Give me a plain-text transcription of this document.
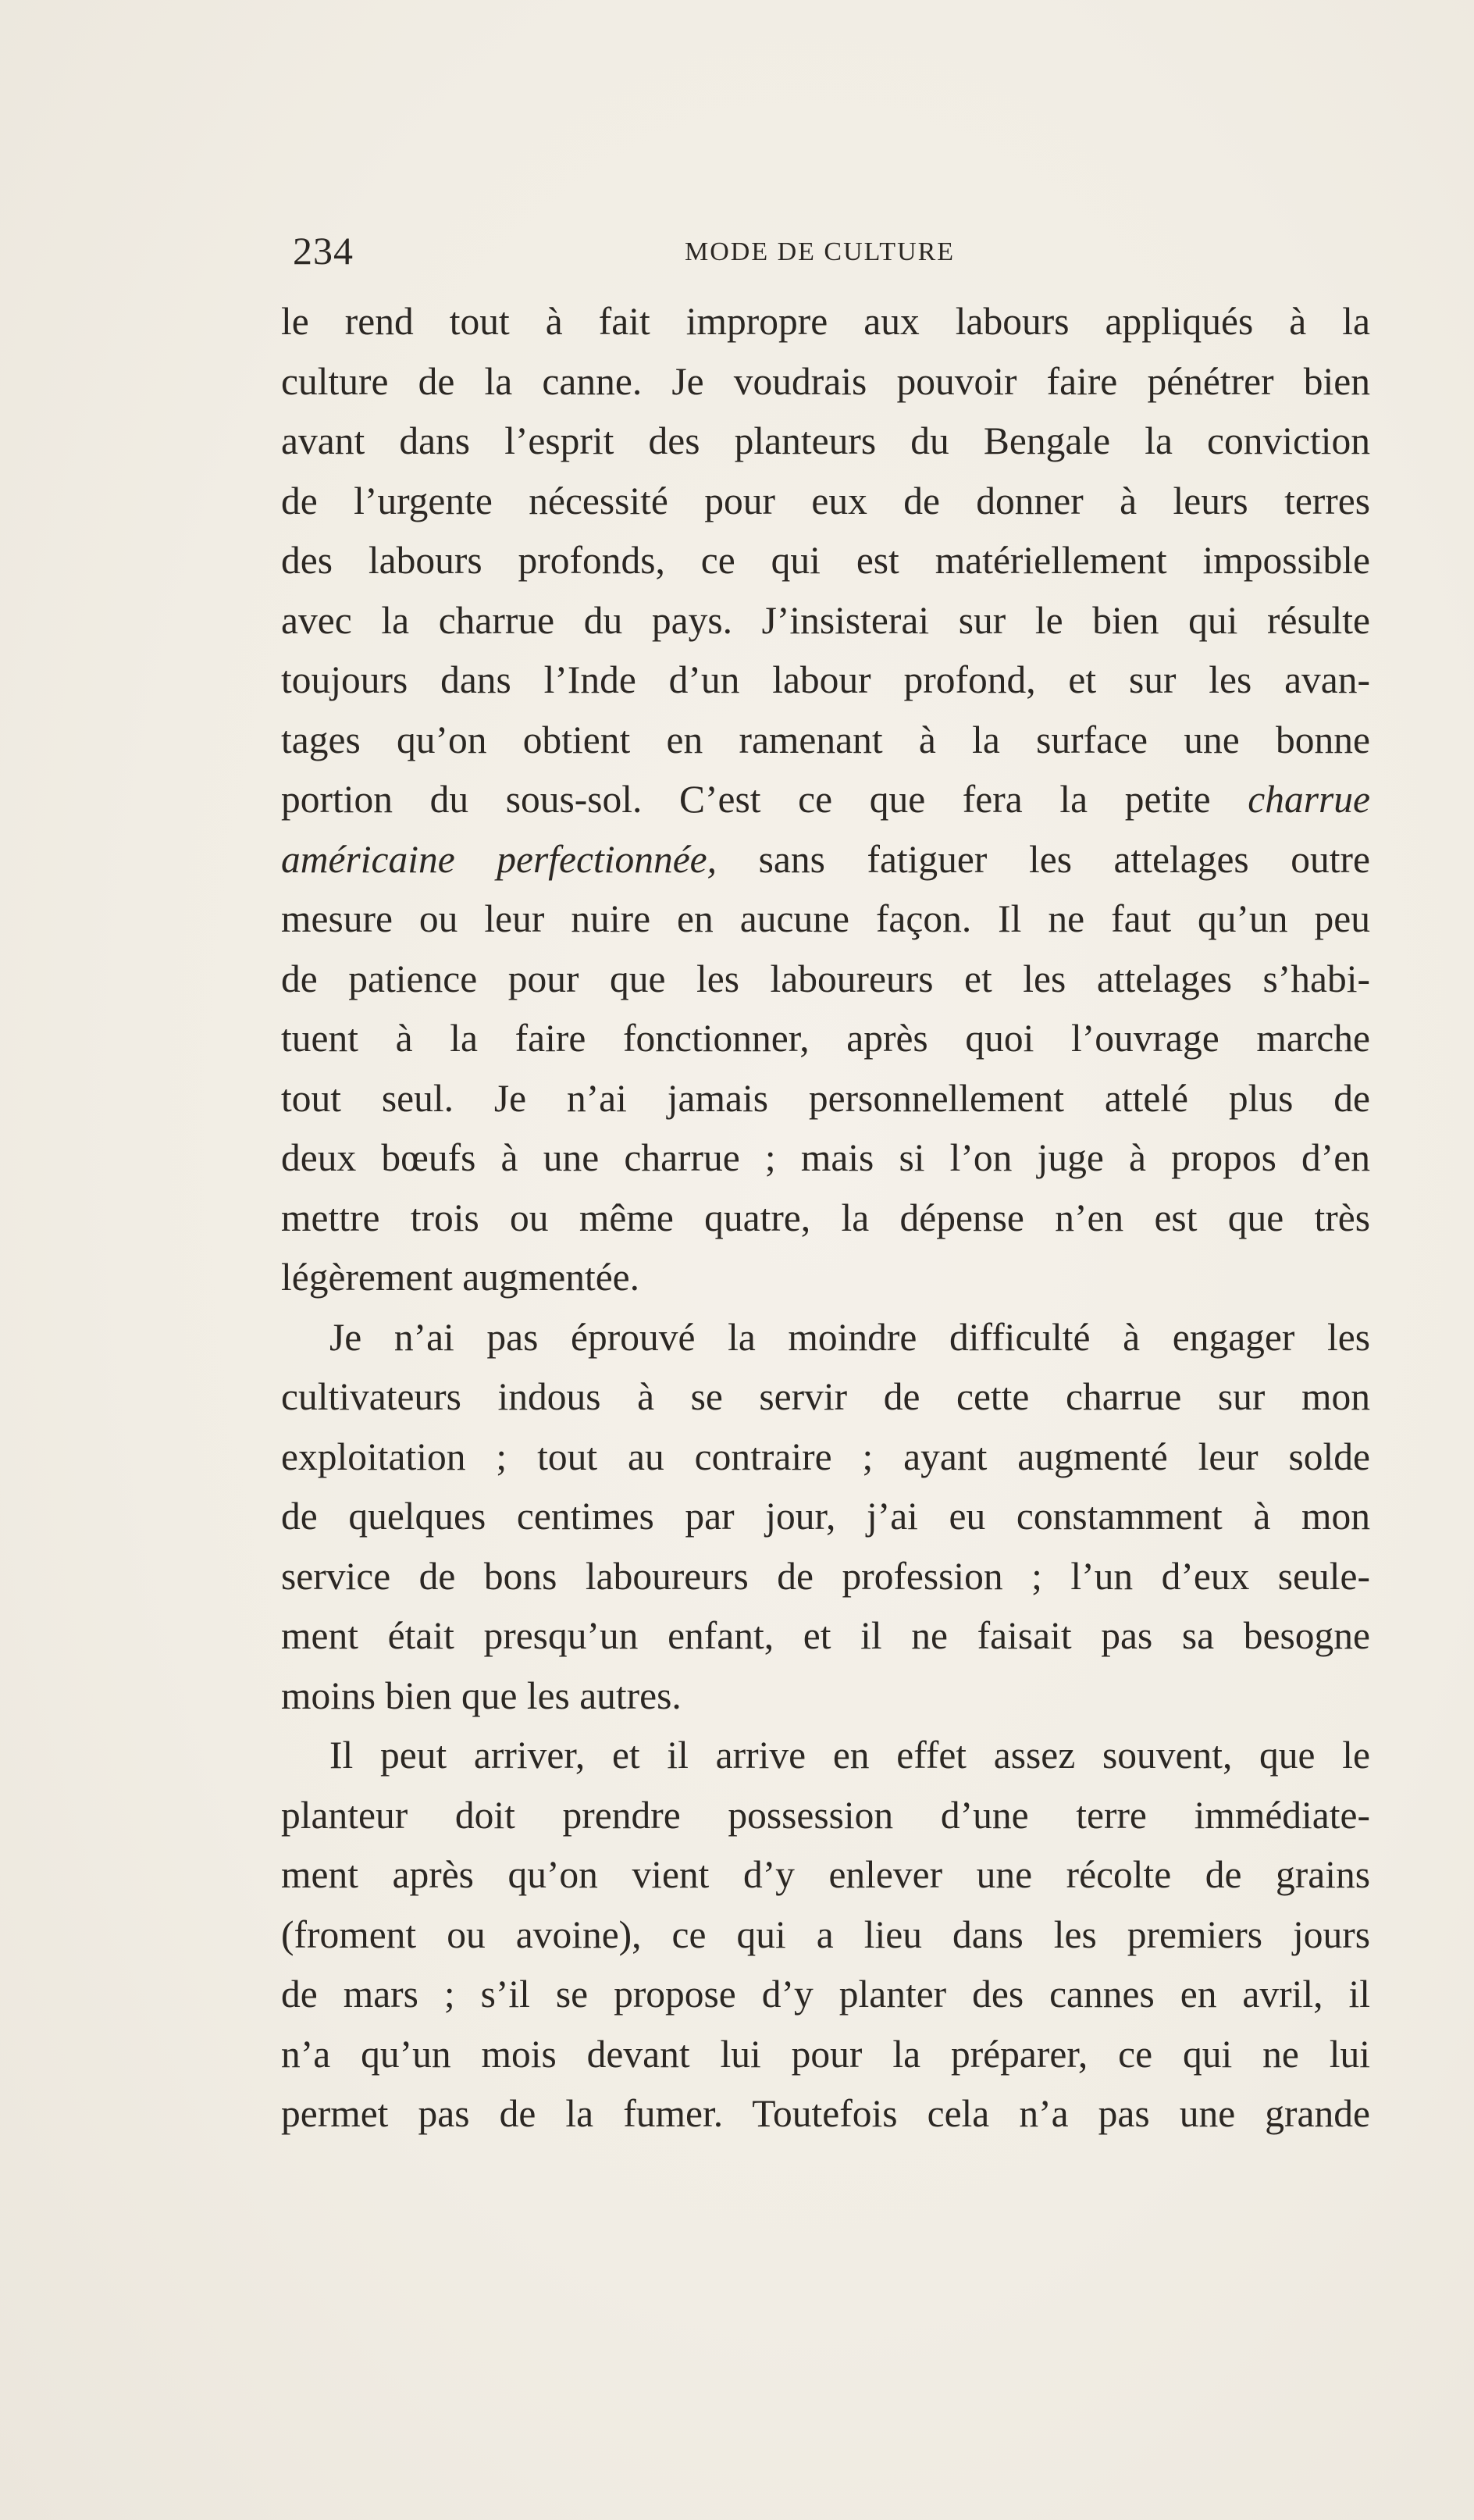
234	MODE DE CULTURE
le rend tout à fait impropre aux labours appliqués à la
culture de la canne. Je voudrais pouvoir faire pénétrer bien
avant dans l’esprit des planteurs du Bengale la conviction
de l’urgente nécessité pour eux de donner à leurs terres
des labours profonds, ce qui est matériellement impossible
avec la charrue du pays. J’insisterai sur le bien qui résulte
toujours dans l’Inde d’un labour profond, et sur les avan-
tages qu’on obtient en ramenant à la surface une bonne
portion du sous-sol. C’est ce que fera la petite charrue
américaine perfectionnée, sans fatiguer les attelages outre
mesure ou leur nuire en aucune façon. Il ne faut qu’un peu
de patience pour que les laboureurs et les attelages s’habi-
tuent à la faire fonctionner, après quoi l’ouvrage marche
tout seul. Je n’ai jamais personnellement attelé plus de
deux bœufs à une charrue ; mais si l’on juge à propos d’en
mettre trois ou même quatre, la dépense n’en est que très
légèrement augmentée.
Je n’ai pas éprouvé la moindre difficulté à engager les
cultivateurs indous à se servir de cette charrue sur mon
exploitation ; tout au contraire ; ayant augmenté leur solde
de quelques centimes par jour, j’ai eu constamment à mon
service de bons laboureurs de profession ; l’un d’eux seule-
ment était presqu’un enfant, et il ne faisait pas sa besogne
moins bien que les autres.
Il peut arriver, et il arrive en effet assez souvent, que le
planteur doit prendre possession d’une terre immédiate-
ment après qu’on vient d’y enlever une récolte de grains
(froment ou avoine), ce qui a lieu dans les premiers jours
de mars ; s’il se propose d’y planter des cannes en avril, il
n’a qu’un mois devant lui pour la préparer, ce qui ne lui
permet pas de la fumer. Toutefois cela n’a pas une grande
